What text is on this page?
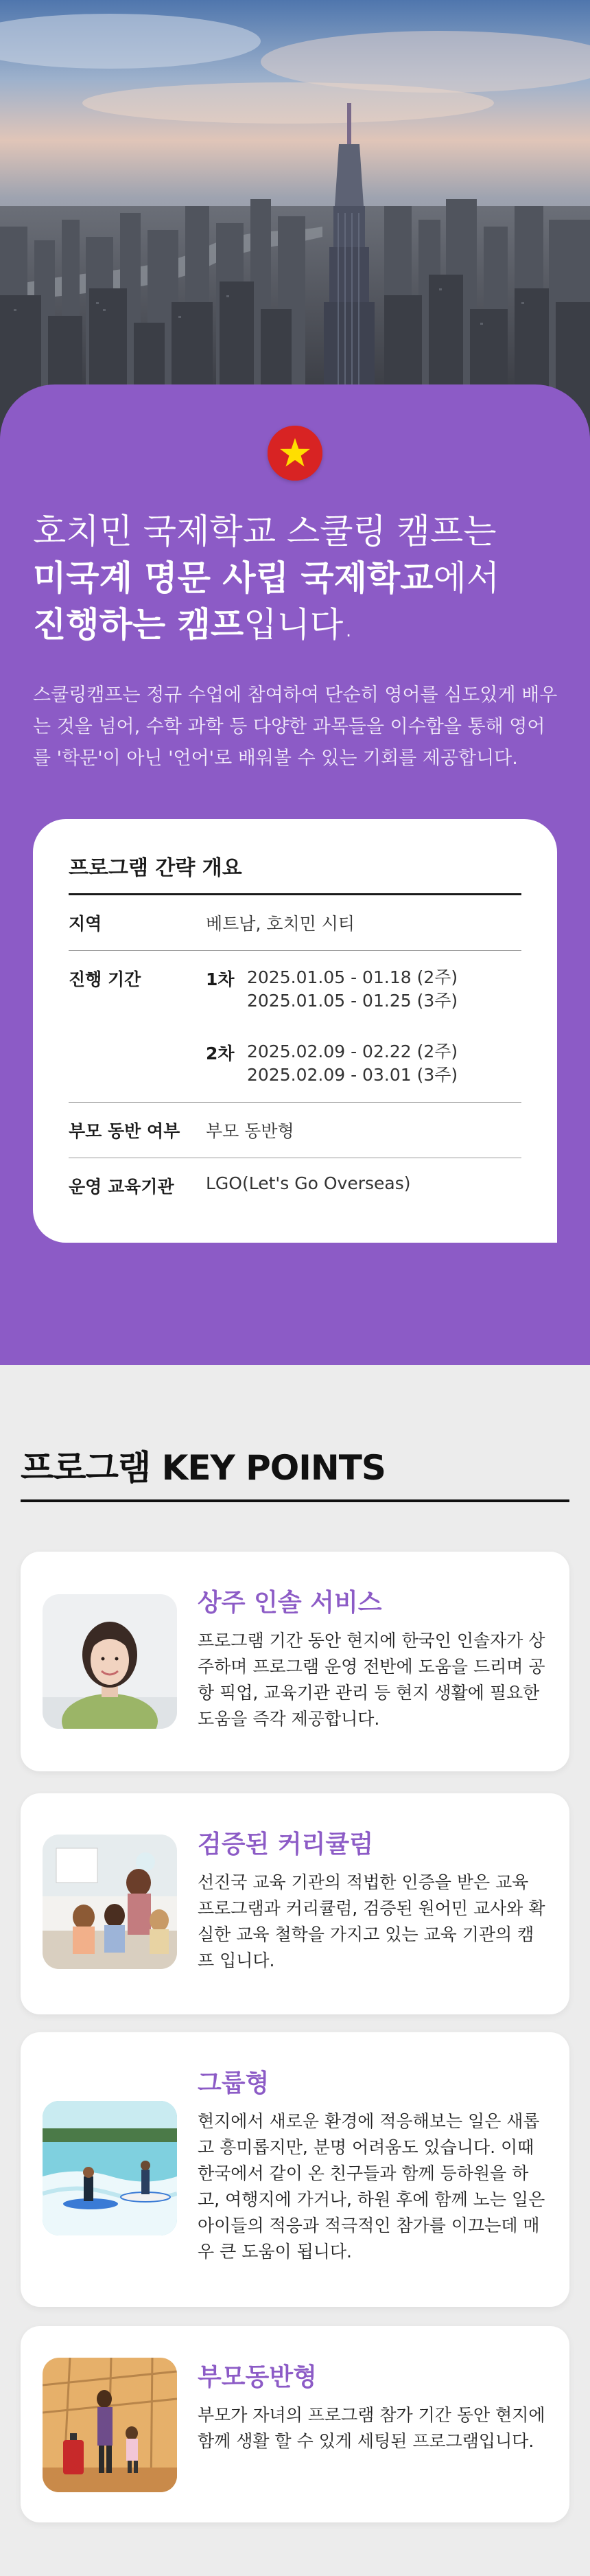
호치민 국제학교 스쿨링 캠프는
미국계 명문 사립 국제학교에서
진행하는 캠프입니다.

스쿨링캠프는 정규 수업에 참여하여 단순히 영어를 심도있게 배우는 것을 넘어, 수학 과학 등 다양한 과목들을 이수함을 통해 영어를 '학문'이 아닌 '언어'로 배워볼 수 있는 기회를 제공합니다.

프로그램 간략 개요
지역	베트남, 호치민 시티
진행 기간	1차 2025.01.05 - 01.18 (2주)
2025.01.05 - 01.25 (3주)
2차 2025.02.09 - 02.22 (2주)
2025.02.09 - 03.01 (3주)
부모 동반 여부	부모 동반형
운영 교육기관	LGO(Let's Go Overseas)
프로그램 KEY POINTS
상주 인솔 서비스
프로그램 기간 동안 현지에 한국인 인솔자가 상주하며 프로그램 운영 전반에 도움을 드리며 공항 픽업, 교육기관 관리 등 현지 생활에 필요한 도움을 즉각 제공합니다.
검증된 커리큘럼
선진국 교육 기관의 적법한 인증을 받은 교육 프로그램과 커리큘럼, 검증된 원어민 교사와 확실한 교육 철학을 가지고 있는 교육 기관의 캠프 입니다.
그룹형
현지에서 새로운 환경에 적응해보는 일은 새롭고 흥미롭지만, 분명 어려움도 있습니다. 이때 한국에서 같이 온 친구들과 함께 등하원을 하고, 여행지에 가거나, 하원 후에 함께 노는 일은 아이들의 적응과 적극적인 참가를 이끄는데 매우 큰 도움이 됩니다.
부모동반형
부모가 자녀의 프로그램 참가 기간 동안 현지에 함께 생활 할 수 있게 세팅된 프로그램입니다.
